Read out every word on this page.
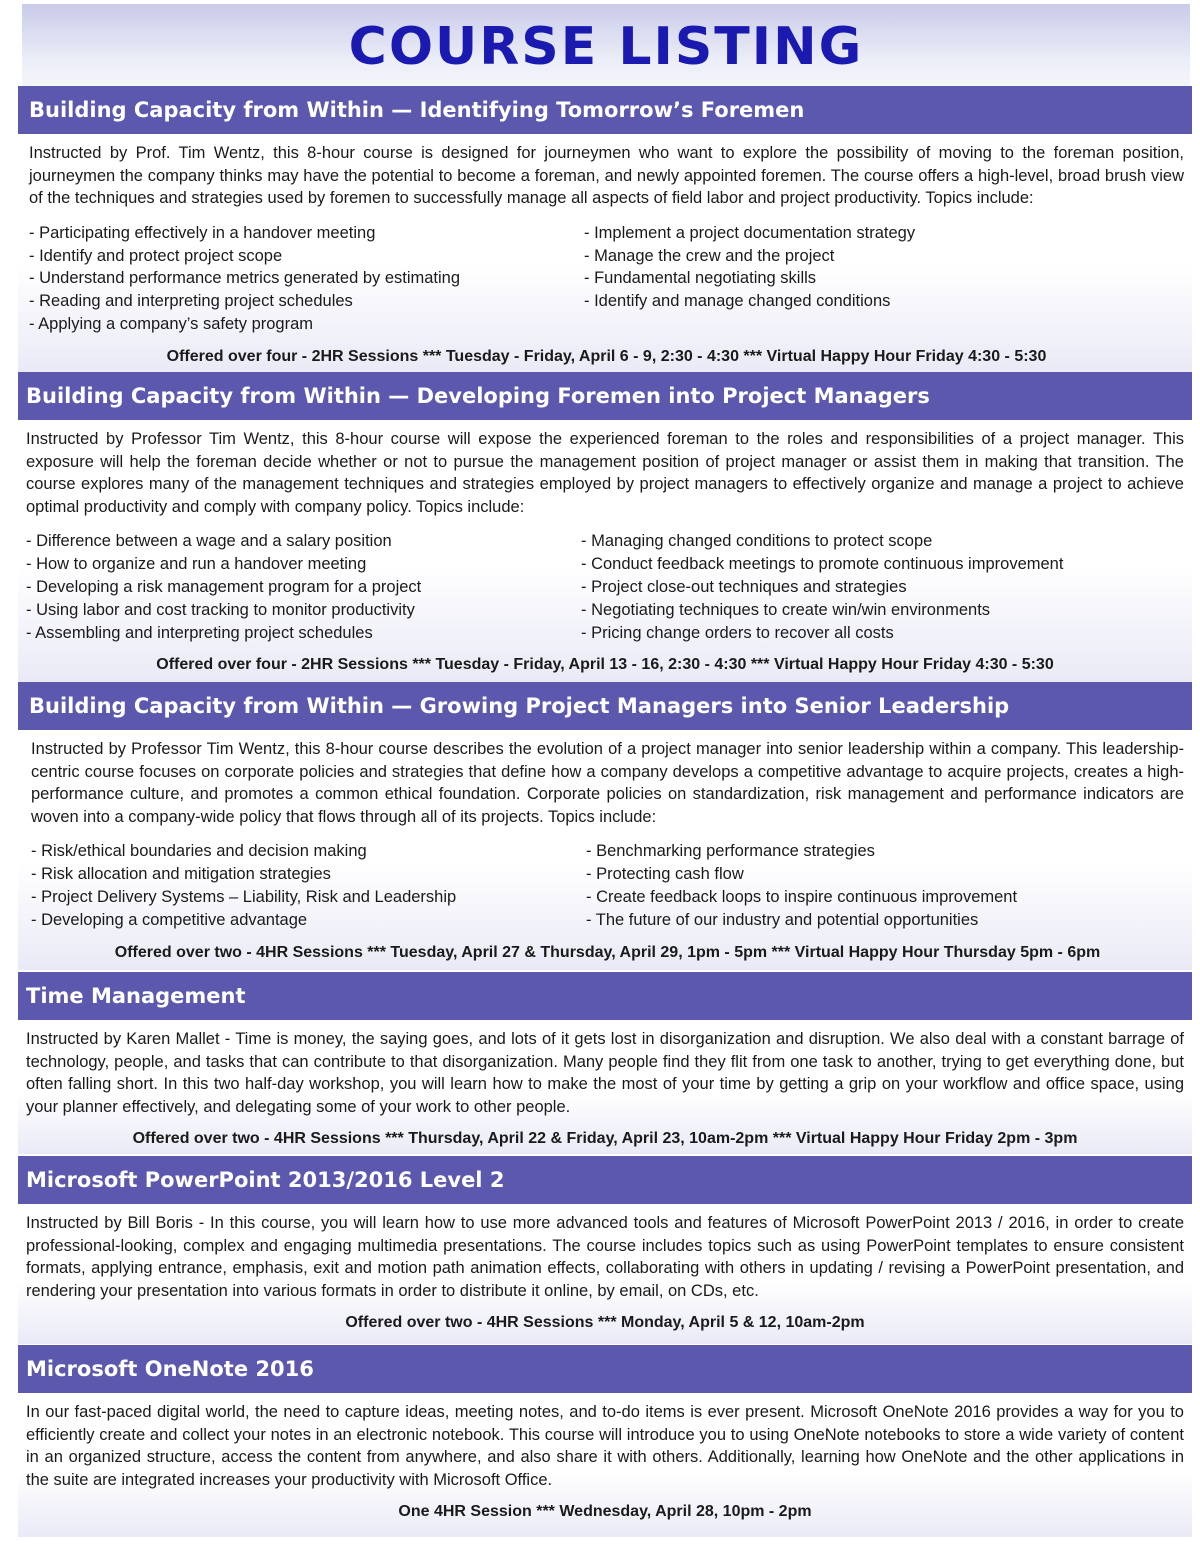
COURSE LISTING
Building Capacity from Within — Identifying Tomorrow’s Foremen
Instructed by Prof. Tim Wentz, this 8-hour course is designed for journeymen who want to explore the possibility of moving to the foreman position, journeymen the company thinks may have the potential to become a foreman, and newly appointed foremen. The course offers a high-level, broad brush view of the techniques and strategies used by foremen to successfully manage all aspects of field labor and project productivity. Topics include:
- Participating effectively in a handover meeting
- Identify and protect project scope
- Understand performance metrics generated by estimating
- Reading and interpreting project schedules
- Applying a company’s safety program
- Implement a project documentation strategy
- Manage the crew and the project
- Fundamental negotiating skills
- Identify and manage changed conditions
Offered over four - 2HR Sessions *** Tuesday - Friday, April 6 - 9, 2:30 - 4:30 *** Virtual Happy Hour Friday 4:30 - 5:30
Building Capacity from Within — Developing Foremen into Project Managers
Instructed by Professor Tim Wentz, this 8-hour course will expose the experienced foreman to the roles and responsibilities of a project manager. This exposure will help the foreman decide whether or not to pursue the management position of project manager or assist them in making that transition. The course explores many of the management techniques and strategies employed by project managers to effectively organize and manage a project to achieve optimal productivity and comply with company policy. Topics include:
- Difference between a wage and a salary position
- How to organize and run a handover meeting
- Developing a risk management program for a project
- Using labor and cost tracking to monitor productivity
- Assembling and interpreting project schedules
- Managing changed conditions to protect scope
- Conduct feedback meetings to promote continuous improvement
- Project close-out techniques and strategies
- Negotiating techniques to create win/win environments
- Pricing change orders to recover all costs
Offered over four - 2HR Sessions *** Tuesday - Friday, April 13 - 16, 2:30 - 4:30 *** Virtual Happy Hour Friday 4:30 - 5:30
Building Capacity from Within — Growing Project Managers into Senior Leadership
Instructed by Professor Tim Wentz, this 8-hour course describes the evolution of a project manager into senior leadership within a company. This leadership-centric course focuses on corporate policies and strategies that define how a company develops a competitive advantage to acquire projects, creates a high-performance culture, and promotes a common ethical foundation. Corporate policies on standardization, risk management and performance indicators are woven into a company-wide policy that flows through all of its projects. Topics include:
- Risk/ethical boundaries and decision making
- Risk allocation and mitigation strategies
- Project Delivery Systems – Liability, Risk and Leadership
- Developing a competitive advantage
- Benchmarking performance strategies
- Protecting cash flow
- Create feedback loops to inspire continuous improvement
- The future of our industry and potential opportunities
Offered over two - 4HR Sessions *** Tuesday, April 27 & Thursday, April 29, 1pm - 5pm *** Virtual Happy Hour Thursday 5pm - 6pm
Time Management
Instructed by Karen Mallet - Time is money, the saying goes, and lots of it gets lost in disorganization and disruption. We also deal with a constant barrage of technology, people, and tasks that can contribute to that disorganization. Many people find they flit from one task to another, trying to get everything done, but often falling short. In this two half-day workshop, you will learn how to make the most of your time by getting a grip on your workflow and office space, using your planner effectively, and delegating some of your work to other people.
Offered over two - 4HR Sessions *** Thursday, April 22 & Friday, April 23, 10am-2pm *** Virtual Happy Hour Friday 2pm - 3pm
Microsoft PowerPoint 2013/2016 Level 2
Instructed by Bill Boris - In this course, you will learn how to use more advanced tools and features of Microsoft PowerPoint 2013 / 2016, in order to create professional-looking, complex and engaging multimedia presentations. The course includes topics such as using PowerPoint templates to ensure consistent formats, applying entrance, emphasis, exit and motion path animation effects, collaborating with others in updating / revising a PowerPoint presentation, and rendering your presentation into various formats in order to distribute it online, by email, on CDs, etc.
Offered over two - 4HR Sessions *** Monday, April 5 & 12, 10am-2pm
Microsoft OneNote 2016
In our fast-paced digital world, the need to capture ideas, meeting notes, and to-do items is ever present. Microsoft OneNote 2016 provides a way for you to efficiently create and collect your notes in an electronic notebook. This course will introduce you to using OneNote notebooks to store a wide variety of content in an organized structure, access the content from anywhere, and also share it with others. Additionally, learning how OneNote and the other applications in the suite are integrated increases your productivity with Microsoft Office.
One 4HR Session *** Wednesday, April 28, 10pm - 2pm
